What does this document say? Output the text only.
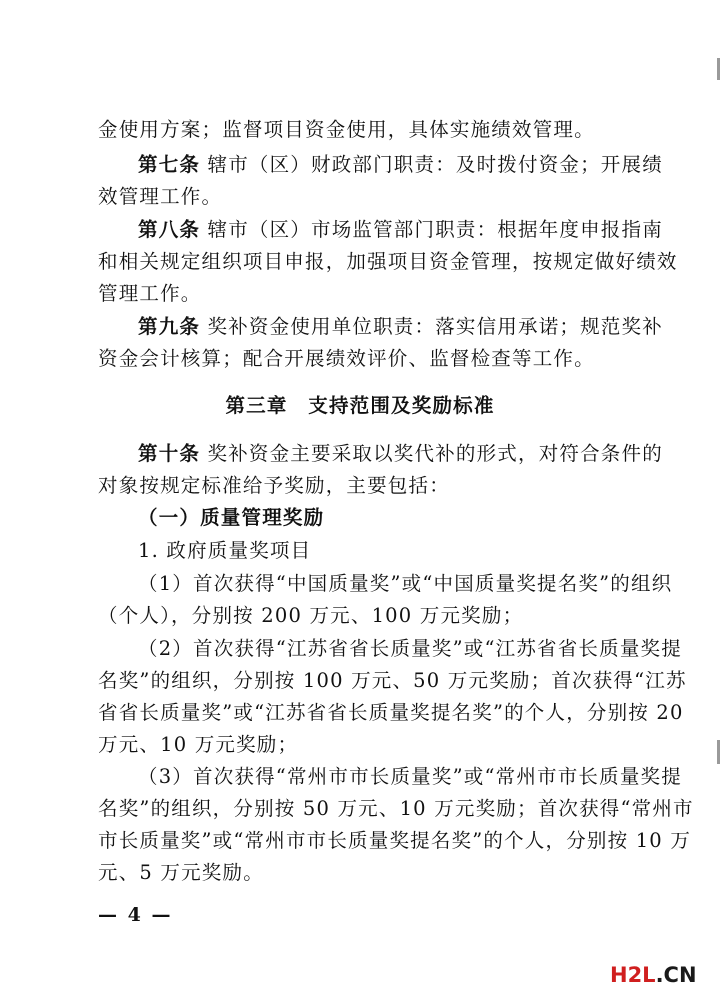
金使用方案；监督项目资金使用，具体实施绩效管理。
第七条 辖市（区）财政部门职责：及时拨付资金；开展绩
效管理工作。
第八条 辖市（区）市场监管部门职责：根据年度申报指南
和相关规定组织项目申报，加强项目资金管理，按规定做好绩效
管理工作。
第九条 奖补资金使用单位职责：落实信用承诺；规范奖补
资金会计核算；配合开展绩效评价、监督检查等工作。
第三章　支持范围及奖励标准
第十条 奖补资金主要采取以奖代补的形式，对符合条件的
对象按规定标准给予奖励，主要包括：
（一）质量管理奖励
1. 政府质量奖项目
（1）首次获得“中国质量奖”或“中国质量奖提名奖”的组织
（个人），分别按 200 万元、100 万元奖励；
（2）首次获得“江苏省省长质量奖”或“江苏省省长质量奖提
名奖”的组织，分别按 100 万元、50 万元奖励；首次获得“江苏
省省长质量奖”或“江苏省省长质量奖提名奖”的个人，分别按 20
万元、10 万元奖励；
（3）首次获得“常州市市长质量奖”或“常州市市长质量奖提
名奖”的组织，分别按 50 万元、10 万元奖励；首次获得“常州市
市长质量奖”或“常州市市长质量奖提名奖”的个人，分别按 10 万
元、5 万元奖励。
— 4 —
H2L.CN
